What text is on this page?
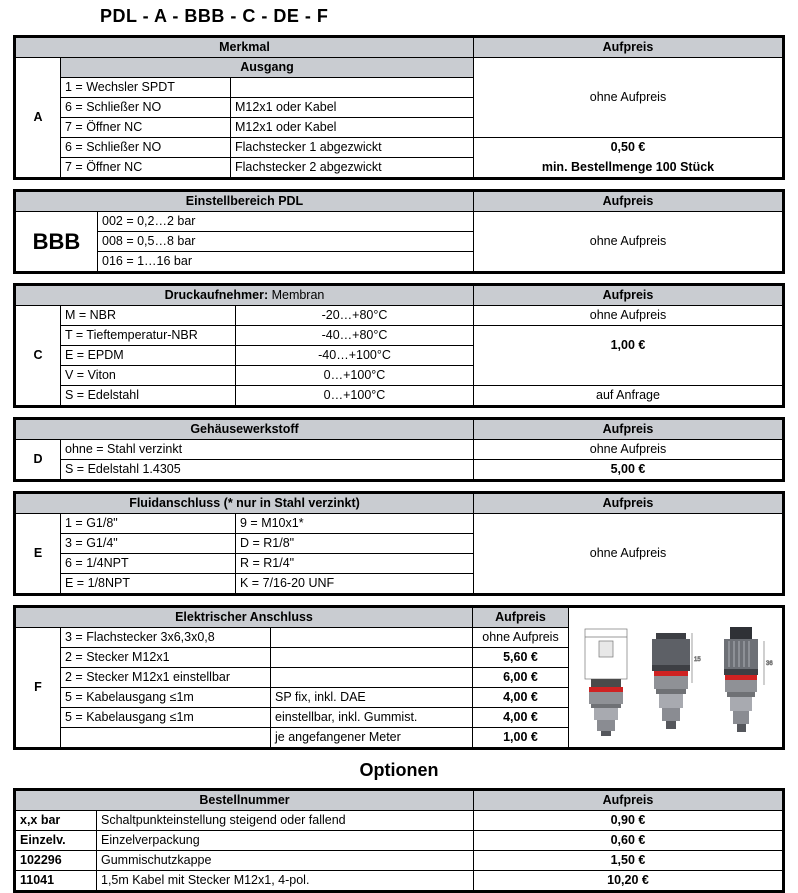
PDL - A - BBB - C - DE - F
Merkmal			Aufpreis
A	Ausgang		ohne Aufpreis
	1 = Wechsler SPDT		
	6 = Schließer NO	M12x1 oder Kabel	
	7 = Öffner NC	M12x1 oder Kabel	
	6 = Schließer NO	Flachstecker 1 abgezwickt	0,50 €
	7 = Öffner NC	Flachstecker 2 abgezwickt	min. Bestellmenge 100 Stück
Einstellbereich PDL		Aufpreis
BBB	002 = 0,2…2 bar	ohne Aufpreis
	008 = 0,5…8 bar	
	016 = 1…16 bar	
Druckaufnehmer: Membran			Aufpreis
C	M = NBR	-20…+80°C	ohne Aufpreis
	T = Tieftemperatur-NBR	-40…+80°C	1,00 €
	E = EPDM	-40…+100°C	
	V = Viton	0…+100°C	
	S = Edelstahl	0…+100°C	auf Anfrage
Gehäusewerkstoff		Aufpreis
D	ohne = Stahl verzinkt	ohne Aufpreis
	S = Edelstahl 1.4305	5,00 €
Fluidanschluss (* nur in Stahl verzinkt)			Aufpreis
E	1 = G1/8"	9 = M10x1*	ohne Aufpreis
	3 = G1/4"	D = R1/8"	
	6 = 1/4NPT	R = R1/4"	
	E = 1/8NPT	K = 7/16-20 UNF	
Elektrischer Anschluss			Aufpreis	15
36

F	3 = Flachstecker 3x6,3x0,8		ohne Aufpreis	
	2 = Stecker M12x1		5,60 €	
	2 = Stecker M12x1 einstellbar		6,00 €	
	5 = Kabelausgang ≤1m	SP fix, inkl. DAE	4,00 €	
	5 = Kabelausgang ≤1m	einstellbar, inkl. Gummist.	4,00 €	
		je angefangener Meter	1,00 €	
Optionen
Bestellnummer		Aufpreis
x,x bar	Schaltpunkteinstellung steigend oder fallend	0,90 €
Einzelv.	Einzelverpackung	0,60 €
102296	Gummischutzkappe	1,50 €
11041	1,5m Kabel mit Stecker M12x1, 4-pol.	10,20 €
